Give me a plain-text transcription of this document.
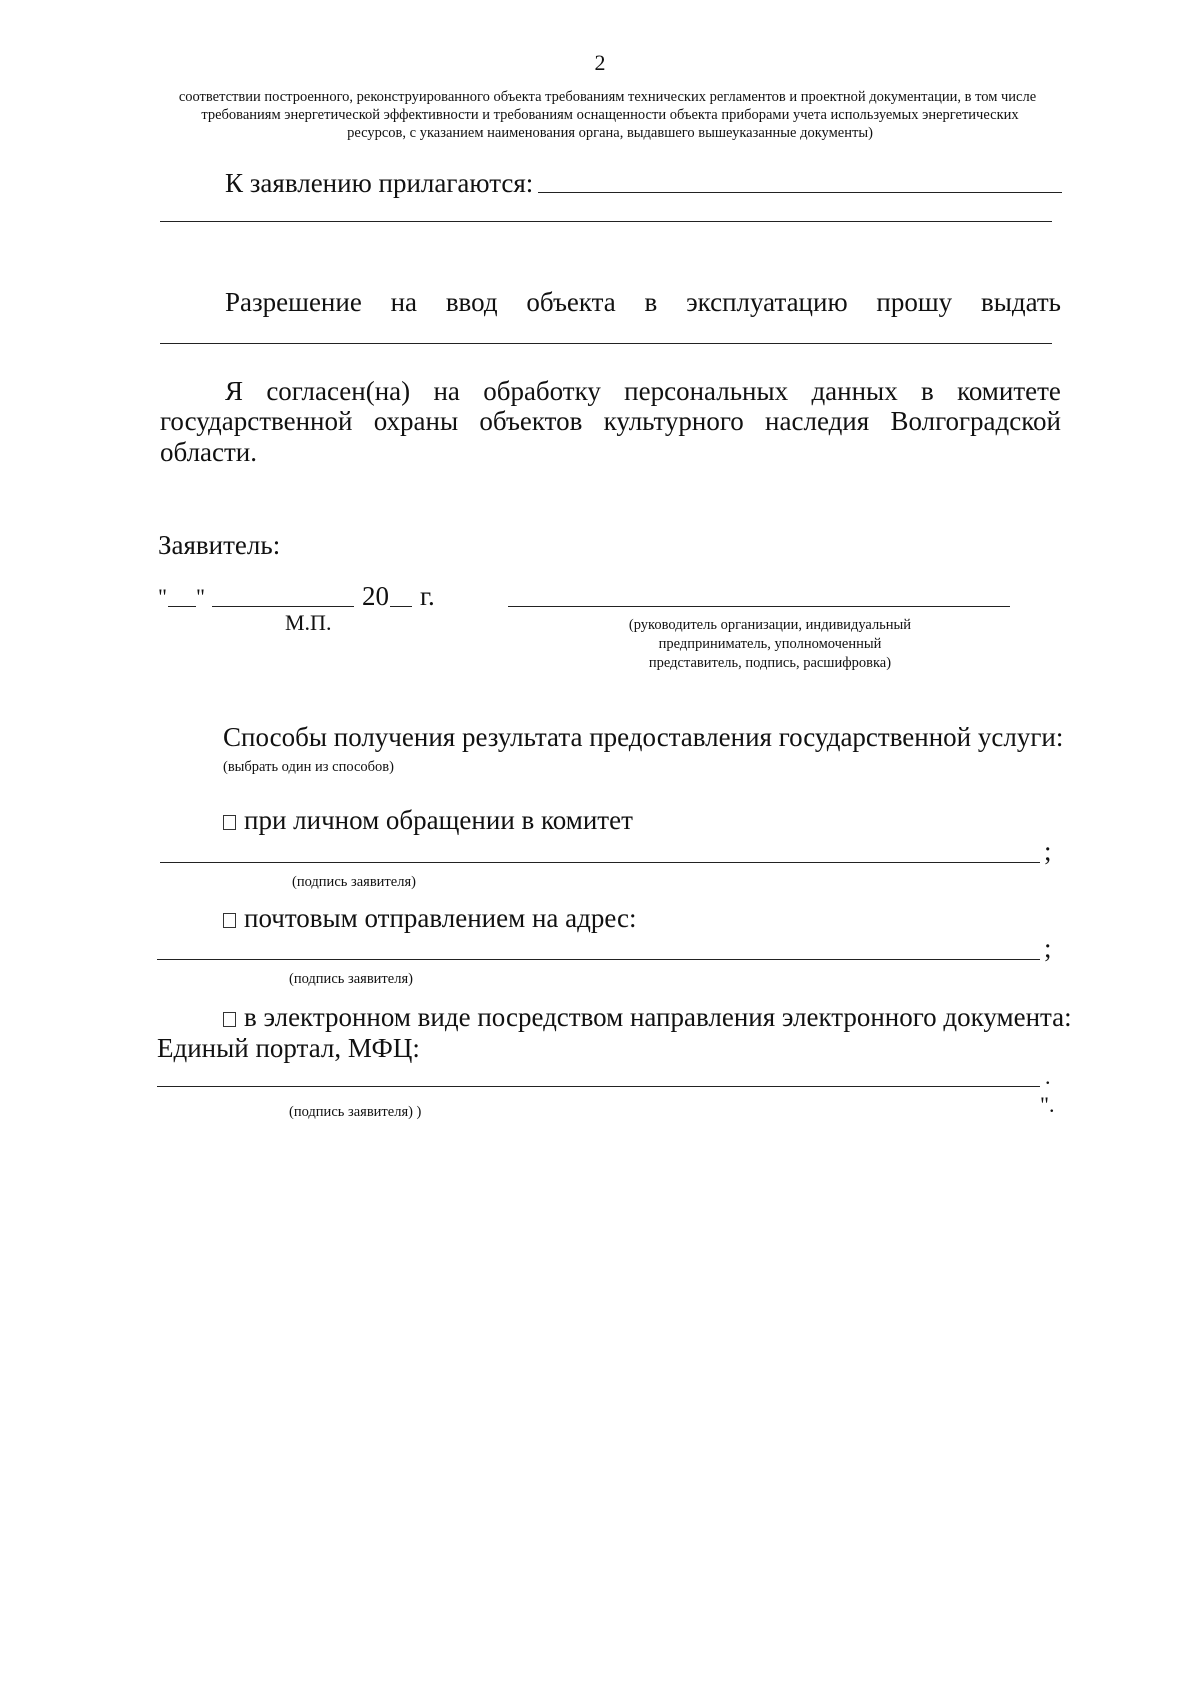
2
соответствии построенного, реконструированного объекта требованиям технических регламентов и проектной документации, в том числе
требованиям энергетической эффективности и требованиям оснащенности объекта приборами учета используемых энергетических
ресурсов, с указанием наименования органа, выдавшего вышеуказанные документы)
К заявлению прилагаются:
Разрешение на ввод объекта в эксплуатацию прошу выдать
Я согласен(на) на обработку персональных данных в комитете
государственной охраны объектов культурного наследия Волгоградской
области.
Заявитель:
" "	20 г.
М.П.	(руководитель организации, индивидуальный
предприниматель, уполномоченный
представитель, подпись, расшифровка)
Способы получения результата предоставления государственной услуги:
(выбрать один из способов)
при личном обращении в комитет
;
(подпись заявителя)
почтовым отправлением на адрес:
;
(подпись заявителя)
в электронном виде посредством направления электронного документа:
Единый портал, МФЦ:
.
(подпись заявителя) )	".
